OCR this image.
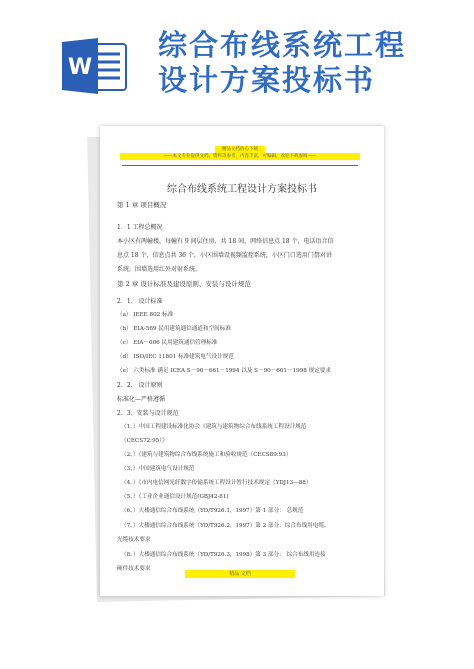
W
综合布线系统工程
设计方案投标书
精品文档放心下载
——本文专业提供文档、资料等参考，内容丰富、可编辑，欢迎下载参阅——
综合布线系统工程设计方案投标书
第 1 章 项目概况
1．1 工程总概况
本小区有两幢楼，每幢有 9 间层住房，共 18 间，网络信息点 18 个，电话语音信
息点 18 个，信息点共 36 个，小区围墙设视频监控系统，小区门口选用门禁对讲
系统，围墙选用红外对射系统。
第 2 章 设计标准及建设原则、安装与设计规范
2．1、 设计标准
（a） IEEE 802 标准
（b） EIA-569 民用建筑通信通道和空间标准
（c） EIA－606 民用建筑通信管理标准
（d） ISO/IEC 11801 标准建筑电气设计规范
（e） 六类标准 满足 ICEA S－90－661－1994 以及 S－90－661－1998 规定要求
2．2、 设计原则
标准化—严格遵循
2．3、安装与设计规范
（1、）中国工程建设标准化协会《建筑与建筑物综合布线系统工程设计规范
（CECS72:95）》
（2、）《建筑与建筑物综合布线系统施工和验收规范（CECS89:93）
（3、）中国建筑电气设计规范
（4、）《市内电信网光纤数字传输系统工程设计暂行技术规定（YDJ13—88）
（5、）《工业企业通信设计规范(GBJ42-81)
（6、）大楼通信综合布线系统（YD/T926.1，1997）第 1 部分： 总规范
（7、）大楼通信综合布线系统（YD/T926.2，1997）第 2 部分：综合布线用电缆、
光缆技术要求
（8、）大楼通信综合布线系统（YD/T926.3，1998）第 3 部分： 综合布线用连接
硬件技术要求
精品 文档
